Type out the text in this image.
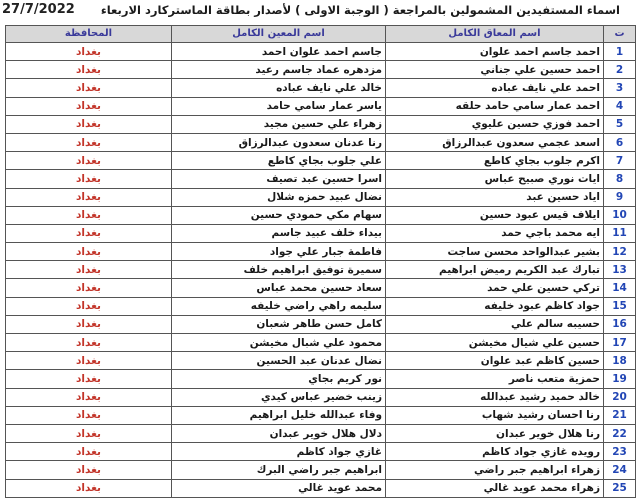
27/7/2022 اسماء المستفيدين المشمولين بالمراجعة ( الوجبة الاولى ) لأصدار بطاقة الماستركارد الاربعاء
ت	اسم المعاق الكامل	اسم المعين الكامل	المحافظة
1	احمد جاسم احمد علوان	جاسم احمد علوان احمد	بغداد
2	احمد حسين علي جناني	مزدهره عماد جاسم رعيد	بغداد
3	احمد علي نايف عباده	خالد علي نايف عباده	بغداد
4	احمد عمار سامي حامد حلقه	ياسر عمار سامي حامد	بغداد
5	احمد فوزي حسين عليوي	زهراء علي حسين مجيد	بغداد
6	اسعد عجمي سعدون عبدالرزاق	رنا عدنان سعدون عبدالرزاق	بغداد
7	اكرم جلوب بجاي كاطع	علي جلوب بجاي كاطع	بغداد
8	ايات نوري صبيح عباس	اسرا حسين عبد تصيف	بغداد
9	اياد حسين عبد	نضال عبيد حمزه شلال	بغداد
10	ايلاف قيس عبود حسين	سهام مكي حمودي حسين	بغداد
11	ايه محمد باجي حمد	بيداء خلف عبيد جاسم	بغداد
12	بشير عبدالواحد محسن ساجت	فاطمة جبار علي جواد	بغداد
13	تبارك عبد الكريم رميض ابراهيم	سميرة توفيق ابراهيم خلف	بغداد
14	تركي حسين علي حمد	سعاد حسين محمد عباس	بغداد
15	جواد كاظم عبود خليفه	سليمه راهي راضي خليفه	بغداد
16	حسيبه سالم علي	كامل حسن طاهر شعبان	بغداد
17	حسين علي شيال مخيشن	محمود علي شبال مخيشن	بغداد
18	حسين كاظم عبد علوان	نضال عدنان عبد الحسين	بغداد
19	حمزية متعب ناصر	نور كريم بجاي	بغداد
20	خالد حميد رشيد عبدالله	زينب خضير عباس كيدي	بغداد
21	رنا احسان رشيد شهاب	وفاء عبدالله خليل ابراهيم	بغداد
22	رنا هلال خوير عبدان	دلال هلال خوير عبدان	بغداد
23	رويده غازي جواد كاظم	غازي جواد كاظم	بغداد
24	زهراء ابراهيم جبر راضي	ابراهيم جبر راضي البرك	بغداد
25	زهراء محمد عويد غالي	محمد عويد غالي	بغداد
